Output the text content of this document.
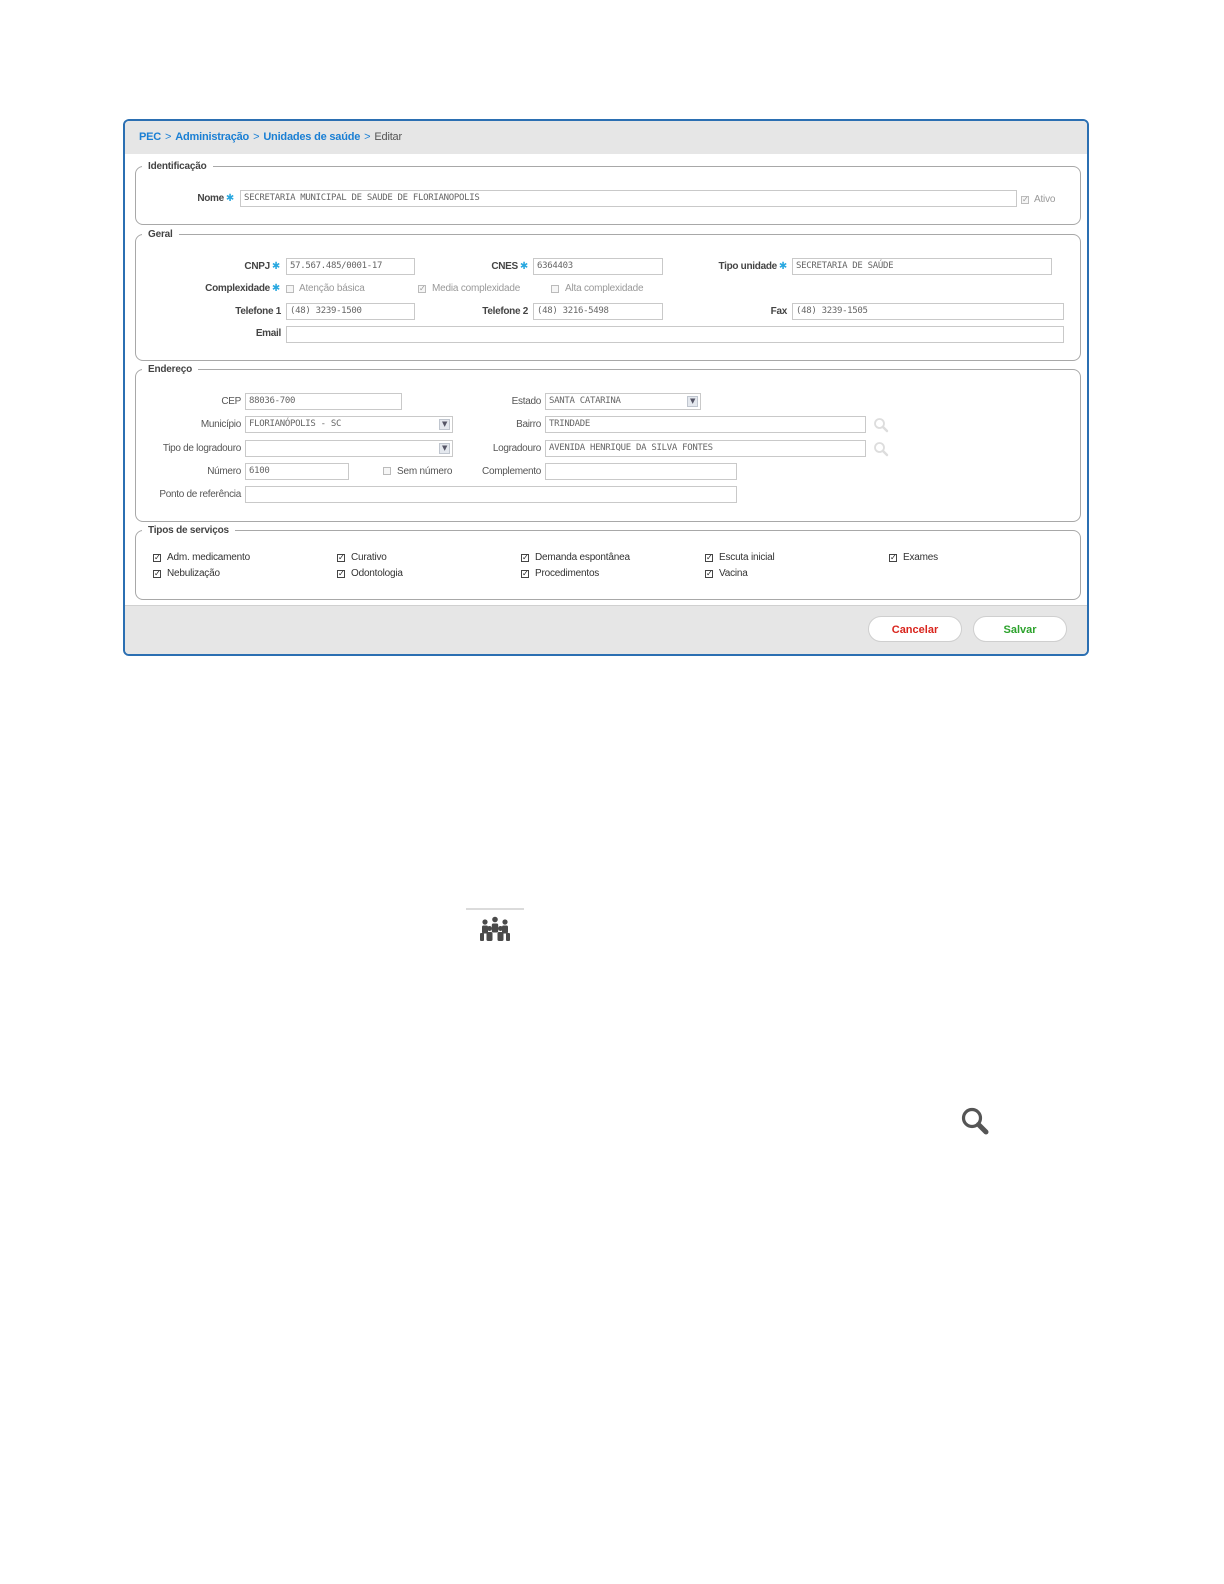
PEC > Administração > Unidades de saúde > Editar
Identificação
Nome ✱	SECRETARIA MUNICIPAL DE SAUDE DE FLORIANOPOLIS	✓ Ativo
Geral
CNPJ ✱	57.567.485/0001-17	CNES ✱	6364403	Tipo unidade ✱	SECRETARIA DE SAÚDE
Complexidade ✱ Atenção básica	✓ Media complexidade	Alta complexidade
Telefone 1	(48) 3239-1500	Telefone 2	(48) 3216-5498	Fax	(48) 3239-1505
Email
Endereço
CEP 88036-700	Estado SANTA CATARINA	▼
Município FLORIANÓPOLIS - SC	▼	Bairro TRINDADE
Tipo de logradouro	▼	Logradouro AVENIDA HENRIQUE DA SILVA FONTES
Número 6100	Sem número	Complemento
Ponto de referência
Tipos de serviços
✓ Adm. medicamento	✓ Curativo	✓ Demanda espontânea	✓ Escuta inicial	✓ Exames
✓ Nebulização	✓ Odontologia	✓ Procedimentos	✓ Vacina
Cancelar	Salvar
